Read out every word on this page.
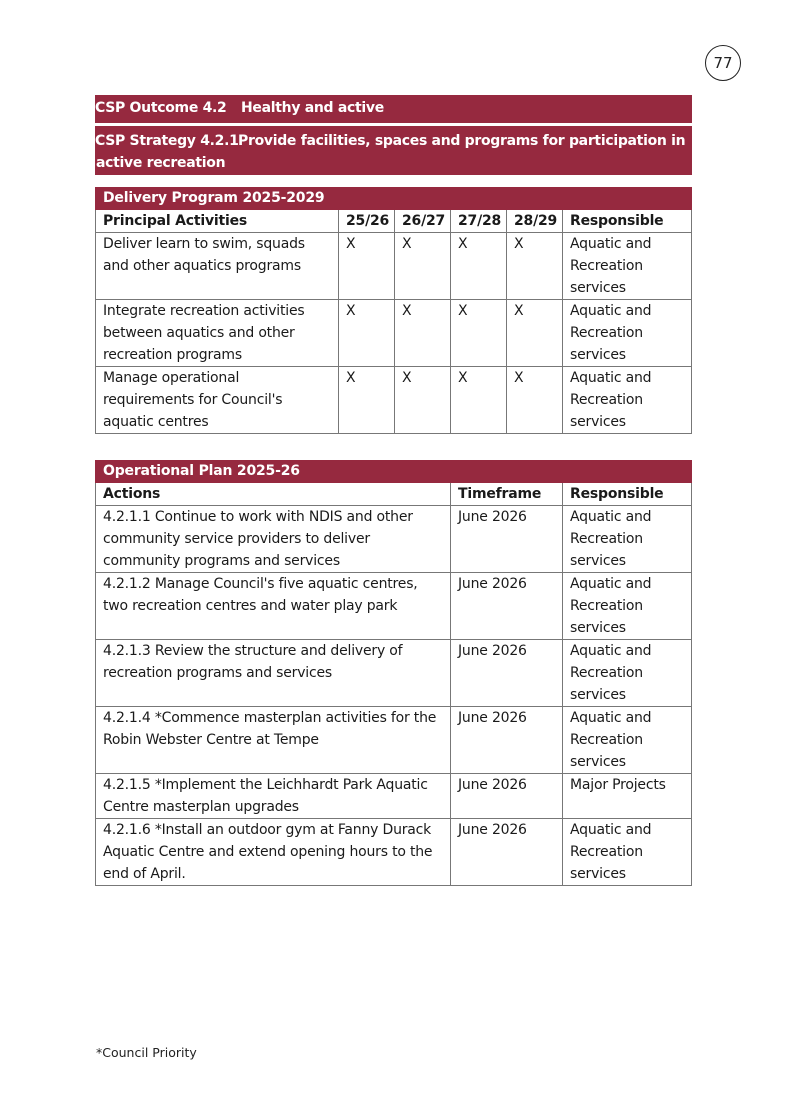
77
CSP Outcome 4.2 Healthy and active
CSP Strategy 4.2.1 Provide facilities, spaces and programs for participation in
active recreation
Delivery Program 2025-2029					
Principal Activities	25/26	26/27	27/28	28/29	Responsible
Deliver learn to swim, squads and other aquatics programs	X	X	X	X	Aquatic and Recreation services
Integrate recreation activities between aquatics and other recreation programs	X	X	X	X	Aquatic and Recreation services
Manage operational requirements for Council's aquatic centres	X	X	X	X	Aquatic and Recreation services
Operational Plan 2025-26		
Actions	Timeframe	Responsible
4.2.1.1 Continue to work with NDIS and other community service providers to deliver community programs and services	June 2026	Aquatic and Recreation services
4.2.1.2 Manage Council's five aquatic centres, two recreation centres and water play park	June 2026	Aquatic and Recreation services
4.2.1.3 Review the structure and delivery of recreation programs and services	June 2026	Aquatic and Recreation services
4.2.1.4 *Commence masterplan activities for the Robin Webster Centre at Tempe	June 2026	Aquatic and Recreation services
4.2.1.5 *Implement the Leichhardt Park Aquatic Centre masterplan upgrades	June 2026	Major Projects
4.2.1.6 *Install an outdoor gym at Fanny Durack Aquatic Centre and extend opening hours to the end of April.	June 2026	Aquatic and Recreation services
*Council Priority
